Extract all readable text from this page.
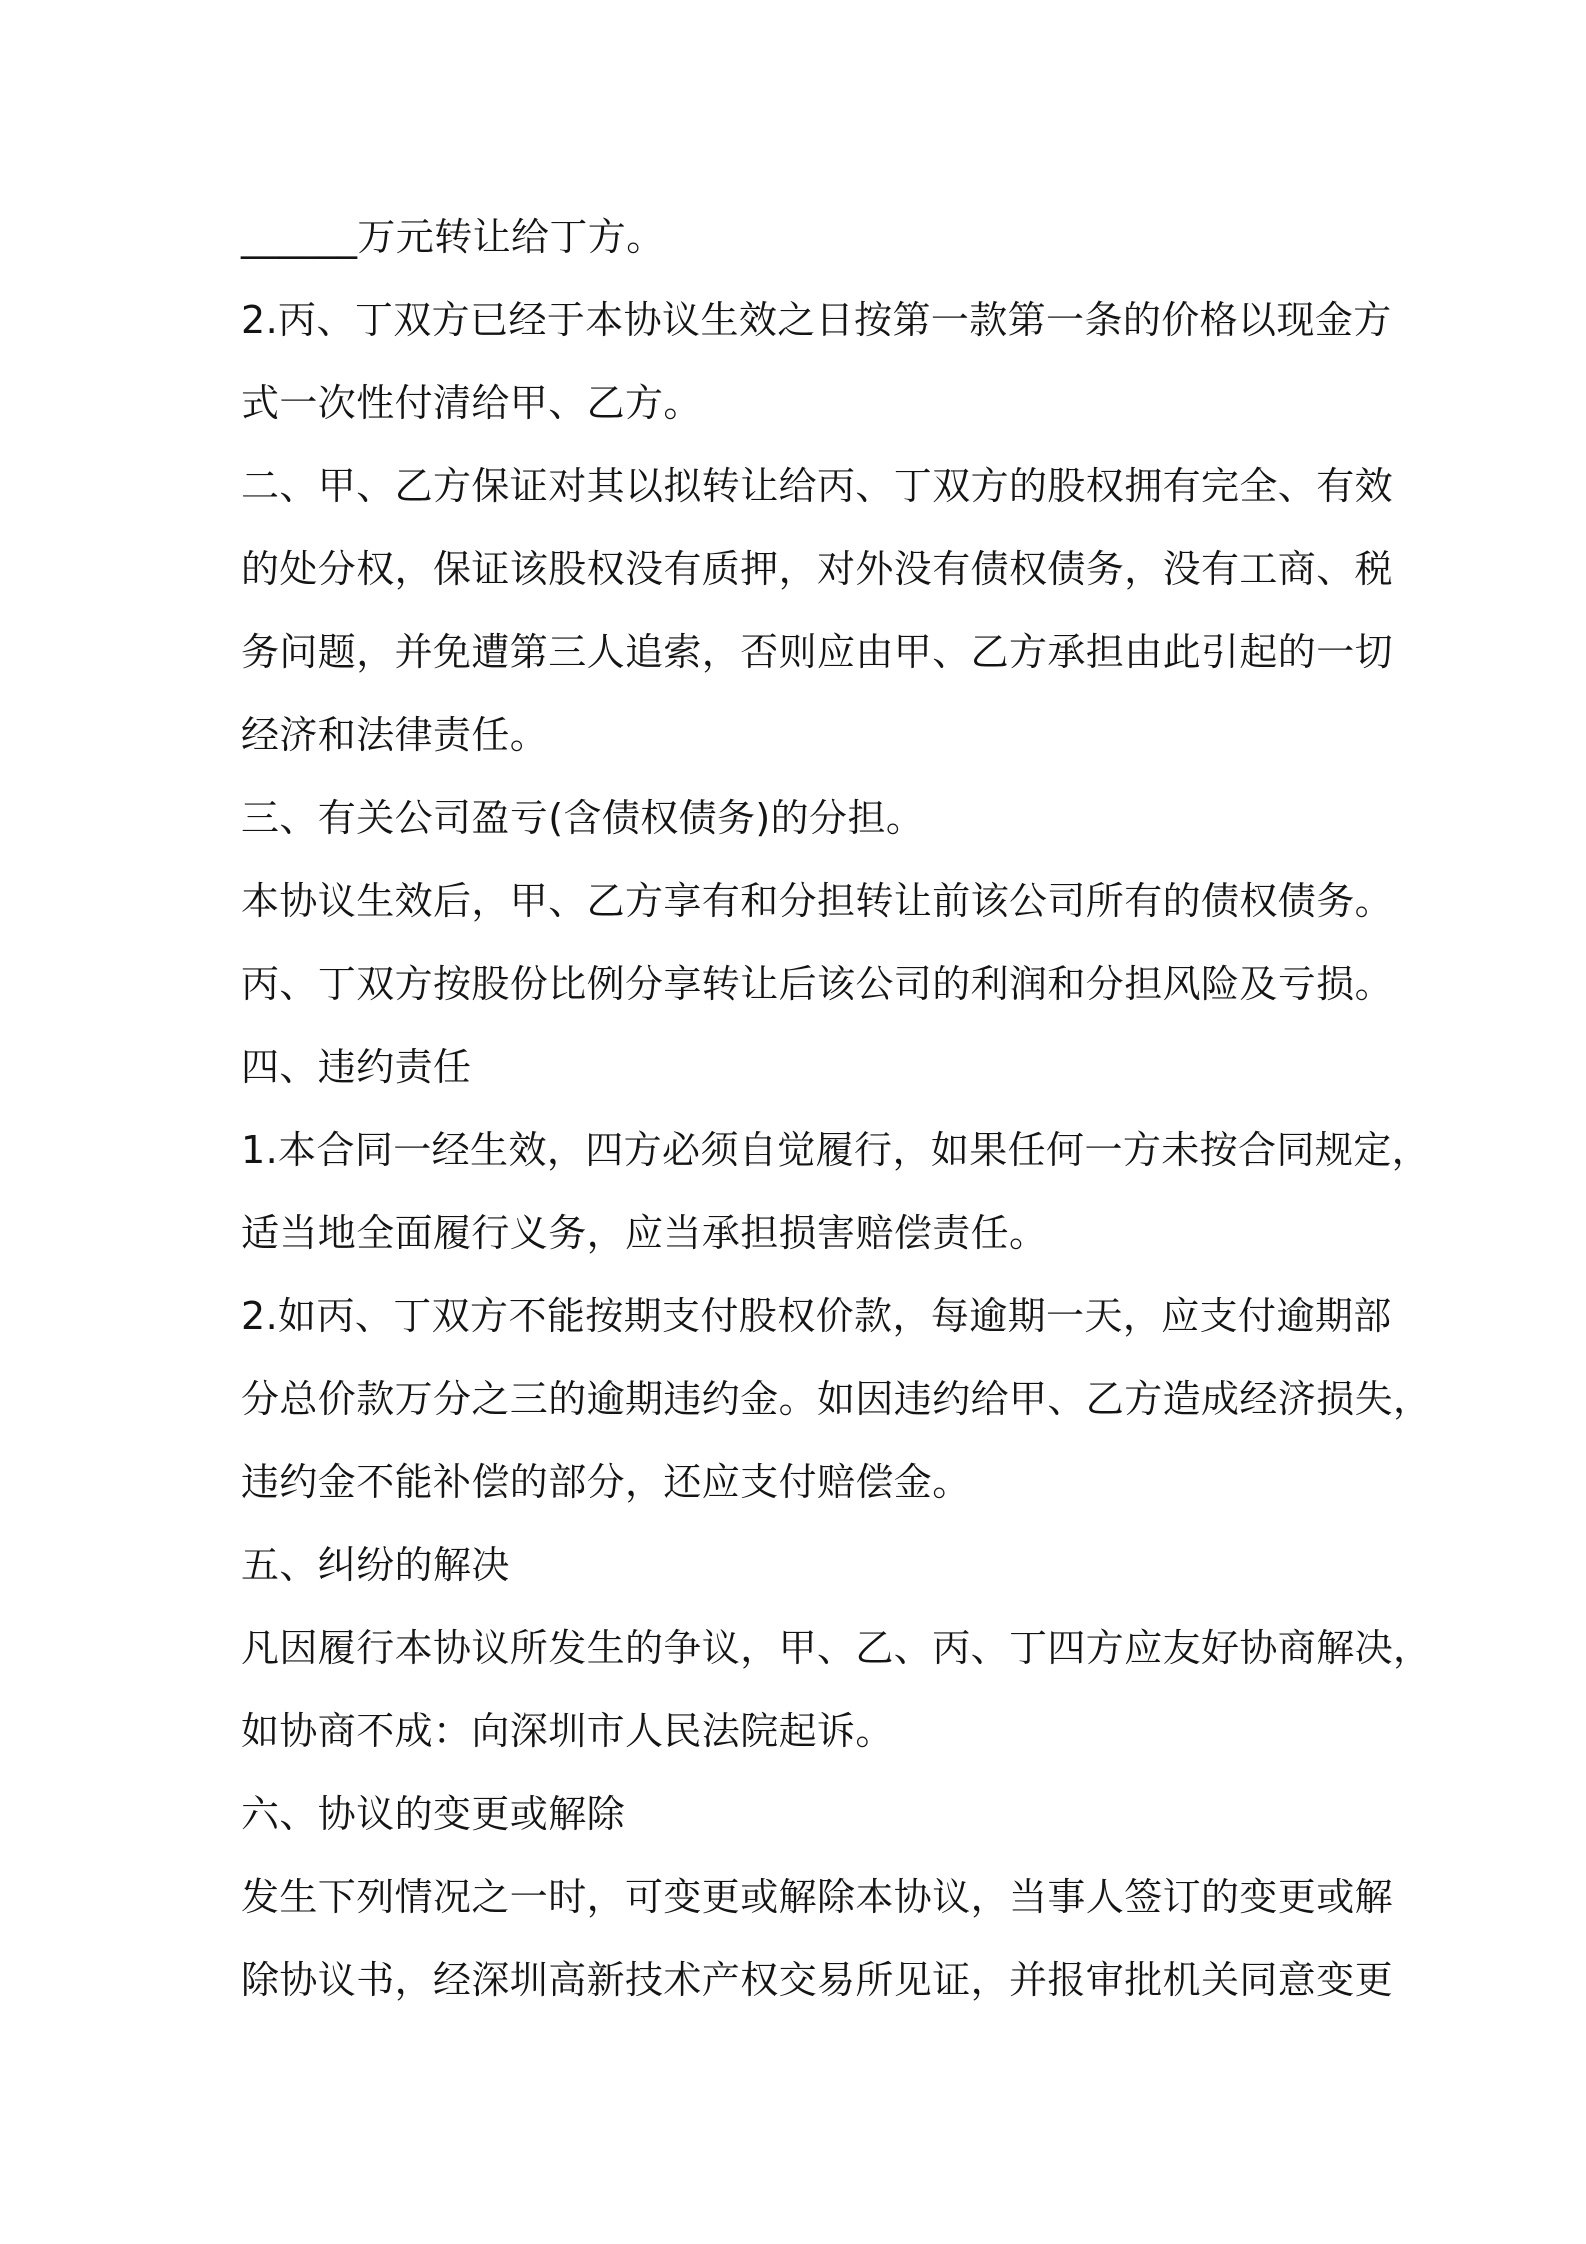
______万元转让给丁方。
2.丙、丁双方已经于本协议生效之日按第一款第一条的价格以现金方
式一次性付清给甲、乙方。
二、甲、乙方保证对其以拟转让给丙、丁双方的股权拥有完全、有效
的处分权，保证该股权没有质押，对外没有债权债务，没有工商、税
务问题，并免遭第三人追索，否则应由甲、乙方承担由此引起的一切
经济和法律责任。
三、有关公司盈亏(含债权债务)的分担。
本协议生效后，甲、乙方享有和分担转让前该公司所有的债权债务。
丙、丁双方按股份比例分享转让后该公司的利润和分担风险及亏损。
四、违约责任
1.本合同一经生效，四方必须自觉履行，如果任何一方未按合同规定，
适当地全面履行义务，应当承担损害赔偿责任。
2.如丙、丁双方不能按期支付股权价款，每逾期一天，应支付逾期部
分总价款万分之三的逾期违约金。如因违约给甲、乙方造成经济损失，
违约金不能补偿的部分，还应支付赔偿金。
五、纠纷的解决
凡因履行本协议所发生的争议，甲、乙、丙、丁四方应友好协商解决，
如协商不成：向深圳市人民法院起诉。
六、协议的变更或解除
发生下列情况之一时，可变更或解除本协议，当事人签订的变更或解
除协议书，经深圳高新技术产权交易所见证，并报审批机关同意变更
